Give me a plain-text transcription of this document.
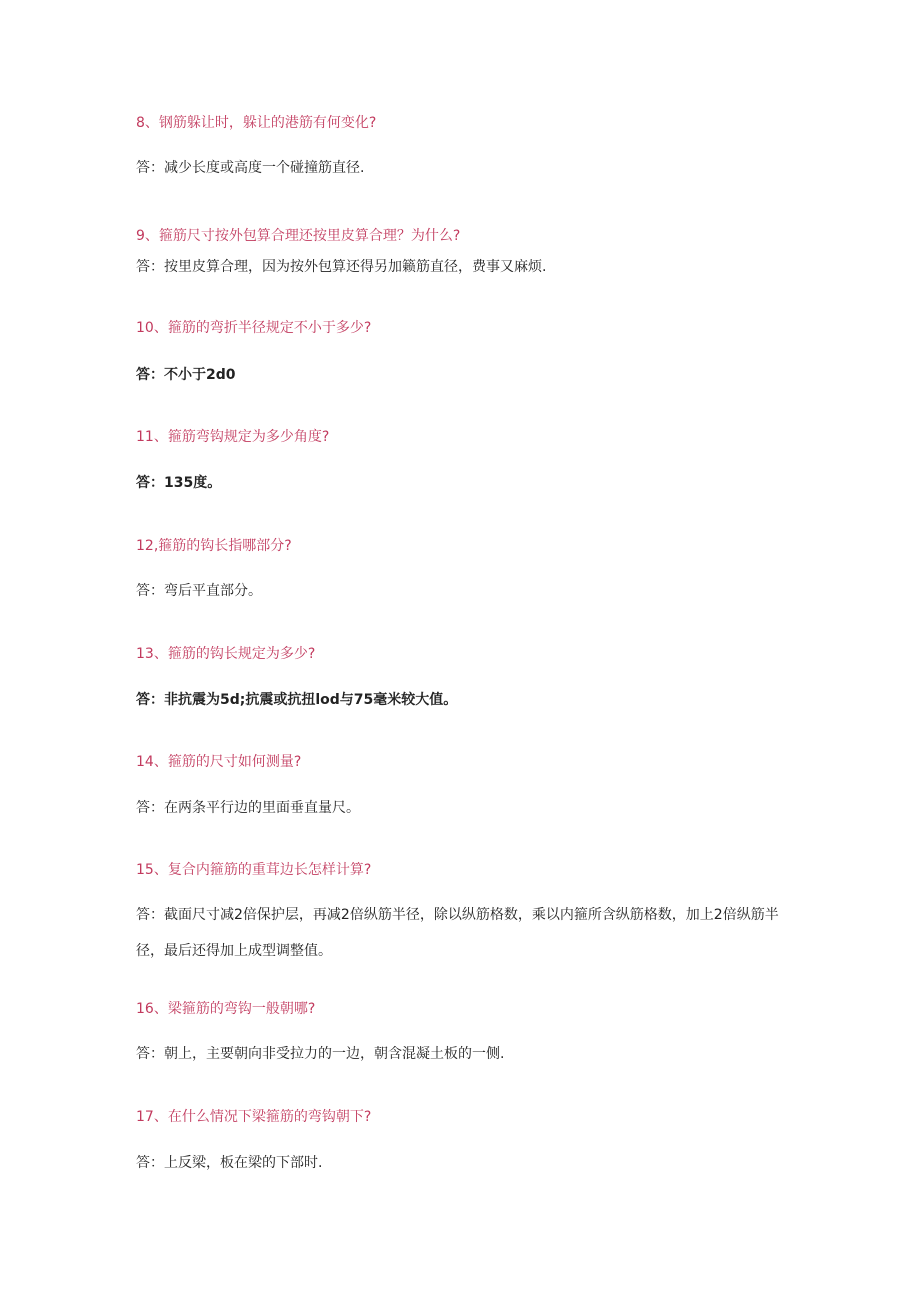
8、钢筋躲让时，躲让的港筋有何变化?
答：减少长度或高度一个碰撞筋直径.
9、箍筋尺寸按外包算合理还按里皮算合理？为什么?
答：按里皮算合理，因为按外包算还得另加籁筋直径，费事又麻烦.
10、箍筋的弯折半径规定不小于多少?
答：不小于2d0
11、箍筋弯钩规定为多少角度?
答：135度。
12,箍筋的钩长指哪部分?
答：弯后平直部分。
13、箍筋的钩长规定为多少?
答：非抗震为5d;抗震或抗扭lod与75毫米较大值。
14、箍筋的尺寸如何测量?
答：在两条平行边的里面垂直量尺。
15、复合内箍筋的重茸边长怎样计算?
答：截面尺寸减2倍保护层，再减2倍纵筋半径，除以纵筋格数，乘以内箍所含纵筋格数，加上2倍纵筋半径，最后还得加上成型调整值。
16、梁箍筋的弯钩一般朝哪?
答：朝上，主要朝向非受拉力的一边，朝含混凝土板的一侧.
17、在什么情况下梁箍筋的弯钩朝下?
答：上反梁，板在梁的下部时.
